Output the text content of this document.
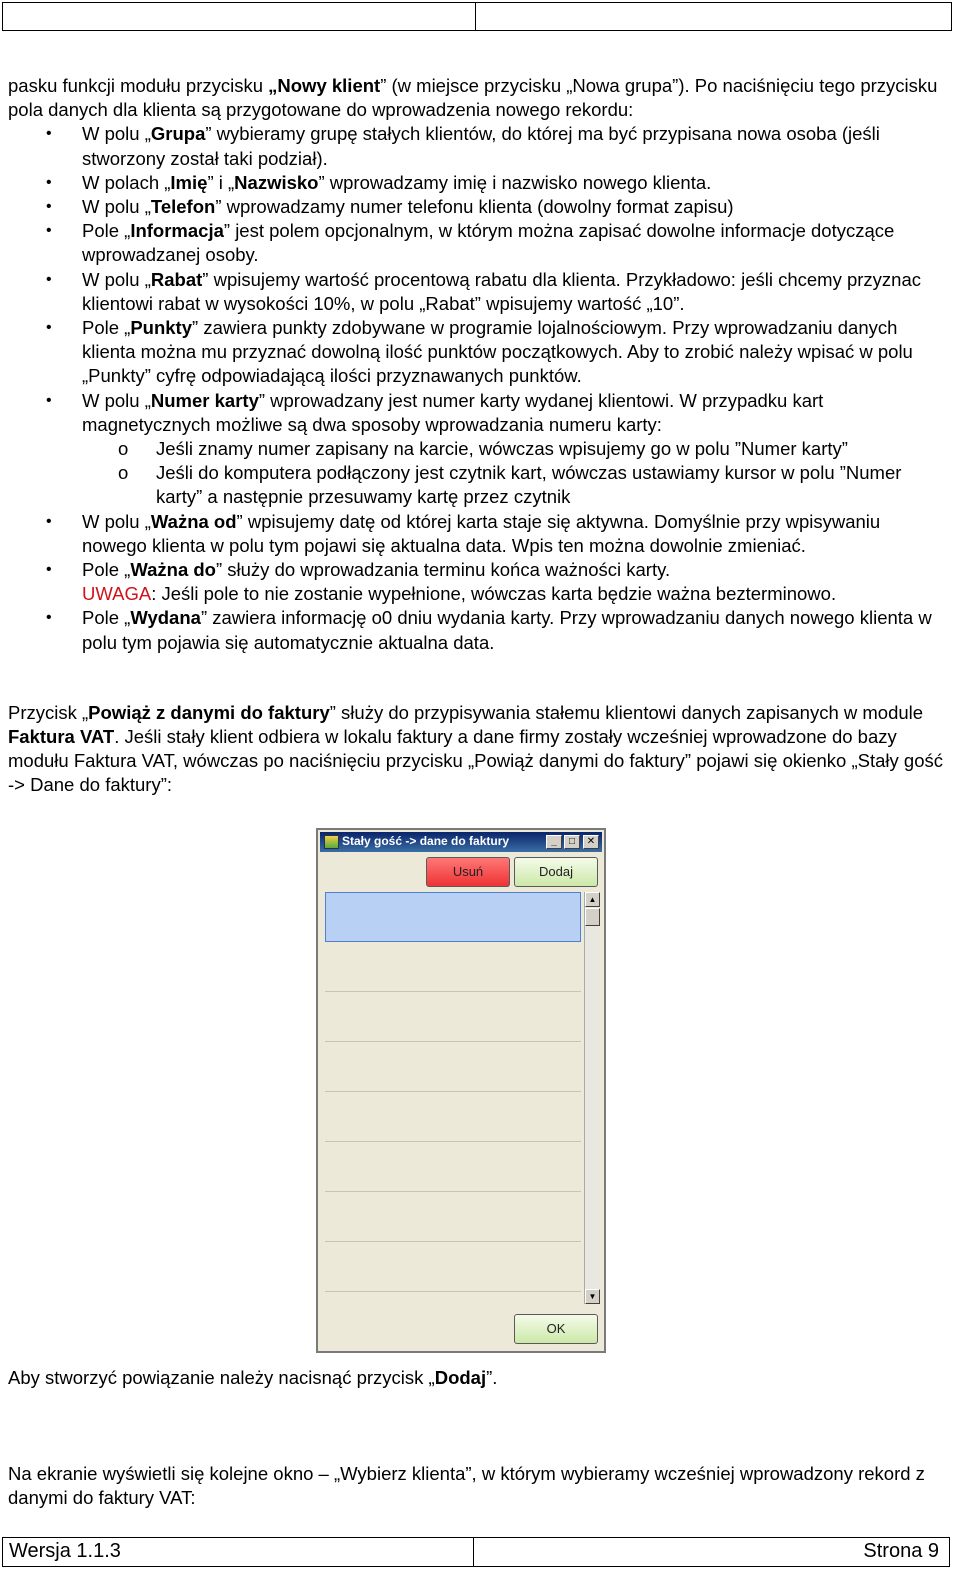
pasku funkcji modułu przycisku „Nowy klient” (w miejsce przycisku „Nowa grupa”). Po naciśnięciu tego przycisku pola danych dla klienta są przygotowane do wprowadzenia nowego rekordu:

• W polu „Grupa” wybieramy grupę stałych klientów, do której ma być przypisana nowa osoba (jeśli stworzony został taki podział).
• W polach „Imię” i „Nazwisko” wprowadzamy imię i nazwisko nowego klienta.
• W polu „Telefon” wprowadzamy numer telefonu klienta (dowolny format zapisu)
• Pole „Informacja” jest polem opcjonalnym, w którym można zapisać dowolne informacje dotyczące wprowadzanej osoby.
• W polu „Rabat” wpisujemy wartość procentową rabatu dla klienta. Przykładowo: jeśli chcemy przyznac klientowi rabat w wysokości 10%, w polu „Rabat” wpisujemy wartość „10”.
• Pole „Punkty” zawiera punkty zdobywane w programie lojalnościowym. Przy wprowadzaniu danych klienta można mu przyznać dowolną ilość punktów początkowych. Aby to zrobić należy wpisać w polu „Punkty” cyfrę odpowiadającą ilości przyznawanych punktów.
• W polu „Numer karty” wprowadzany jest numer karty wydanej klientowi. W przypadku kart magnetycznych możliwe są dwa sposoby wprowadzania numeru karty:
o Jeśli znamy numer zapisany na karcie, wówczas wpisujemy go w polu ”Numer karty”
o Jeśli do komputera podłączony jest czytnik kart, wówczas ustawiamy kursor w polu ”Numer karty” a następnie przesuwamy kartę przez czytnik
• W polu „Ważna od” wpisujemy datę od której karta staje się aktywna. Domyślnie przy wpisywaniu nowego klienta w polu tym pojawi się aktualna data. Wpis ten można dowolnie zmieniać.
• Pole „Ważna do” służy do wprowadzania terminu końca ważności karty.
UWAGA: Jeśli pole to nie zostanie wypełnione, wówczas karta będzie ważna bezterminowo.
• Pole „Wydana” zawiera informację o0 dniu wydania karty. Przy wprowadzaniu danych nowego klienta w polu tym pojawia się automatycznie aktualna data.

Przycisk „Powiąż z danymi do faktury” służy do przypisywania stałemu klientowi danych zapisanych w module Faktura VAT. Jeśli stały klient odbiera w lokalu faktury a dane firmy zostały wcześniej wprowadzone do bazy modułu Faktura VAT, wówczas po naciśnięciu przycisku „Powiąż danymi do faktury” pojawi się okienko „Stały gość -> Dane do faktury”:

Stały gość -> dane do faktury	_	□	✕
Usuń	Dodaj
▲
▼
OK

Aby stworzyć powiązanie należy nacisnąć przycisk „Dodaj”.

Na ekranie wyświetli się kolejne okno – „Wybierz klienta”, w którym wybieramy wcześniej wprowadzony rekord z danymi do faktury VAT:

Wersja 1.1.3	Strona 9
